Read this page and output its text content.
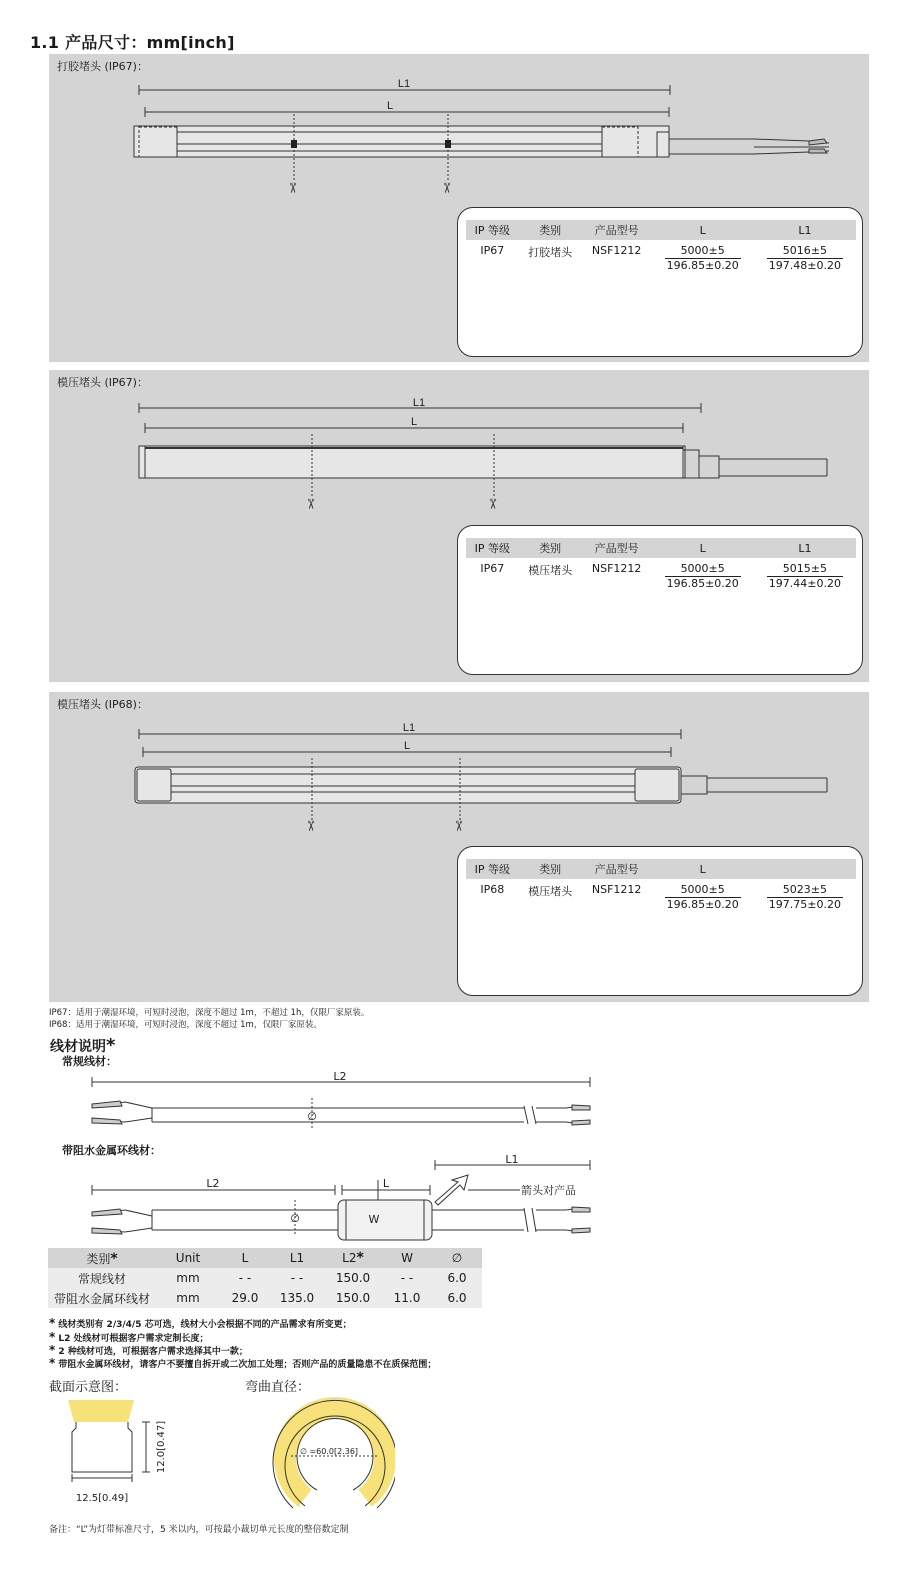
1.1 产品尺寸：mm[inch]
打胶堵头 (IP67)：
L1
L
✂	✂
IP 等级	类别	产品型号	L	L1
IP67	打胶堵头	NSF1212	$\frac{5000\pm 5}{196.85\pm 0.20}$	$\frac{5016\pm 5}{197.48\pm 0.20}$
模压堵头 (IP67)：
L1
L
✂	✂
IP 等级	类别	产品型号	L	L1
IP67	模压堵头	NSF1212	$\frac{5000\pm 5}{196.85\pm 0.20}$	$\frac{5015\pm 5}{197.44\pm 0.20}$
模压堵头 (IP68)：
L1
L
✂	✂
IP 等级	类别	产品型号	L	
IP68	模压堵头	NSF1212	$\frac{5000\pm 5}{196.85\pm 0.20}$	$\frac{5023\pm 5}{197.75\pm 0.20}$
IP67：适用于潮湿环境，可短时浸泡，深度不超过 1m，不超过 1h，仅限厂家原装。
IP68：适用于潮湿环境，可短时浸泡，深度不超过 1m，仅限厂家原装。
线材说明*
常规线材：
L2
∅
带阻水金属环线材：
L1
L2	L
W
∅
箭头对产品
类别*	Unit	L	L1	L2*	W	∅
常规线材	mm	- -	- -	150.0	- -	6.0
带阻水金属环线材	mm	29.0	135.0	150.0	11.0	6.0
* 线材类别有 2/3/4/5 芯可选，线材大小会根据不同的产品需求有所变更；
* L2 处线材可根据客户需求定制长度；
* 2 种线材可选，可根据客户需求选择其中一款；
* 带阻水金属环线材，请客户不要擅自拆开或二次加工处理；否则产品的质量隐患不在质保范围；
截面示意图：	弯曲直径：
12.5[0.49]
12.0[0.47]	∅ =60.0[2.36]
备注：“L”为灯带标准尺寸，5 米以内，可按最小裁切单元长度的整倍数定制
